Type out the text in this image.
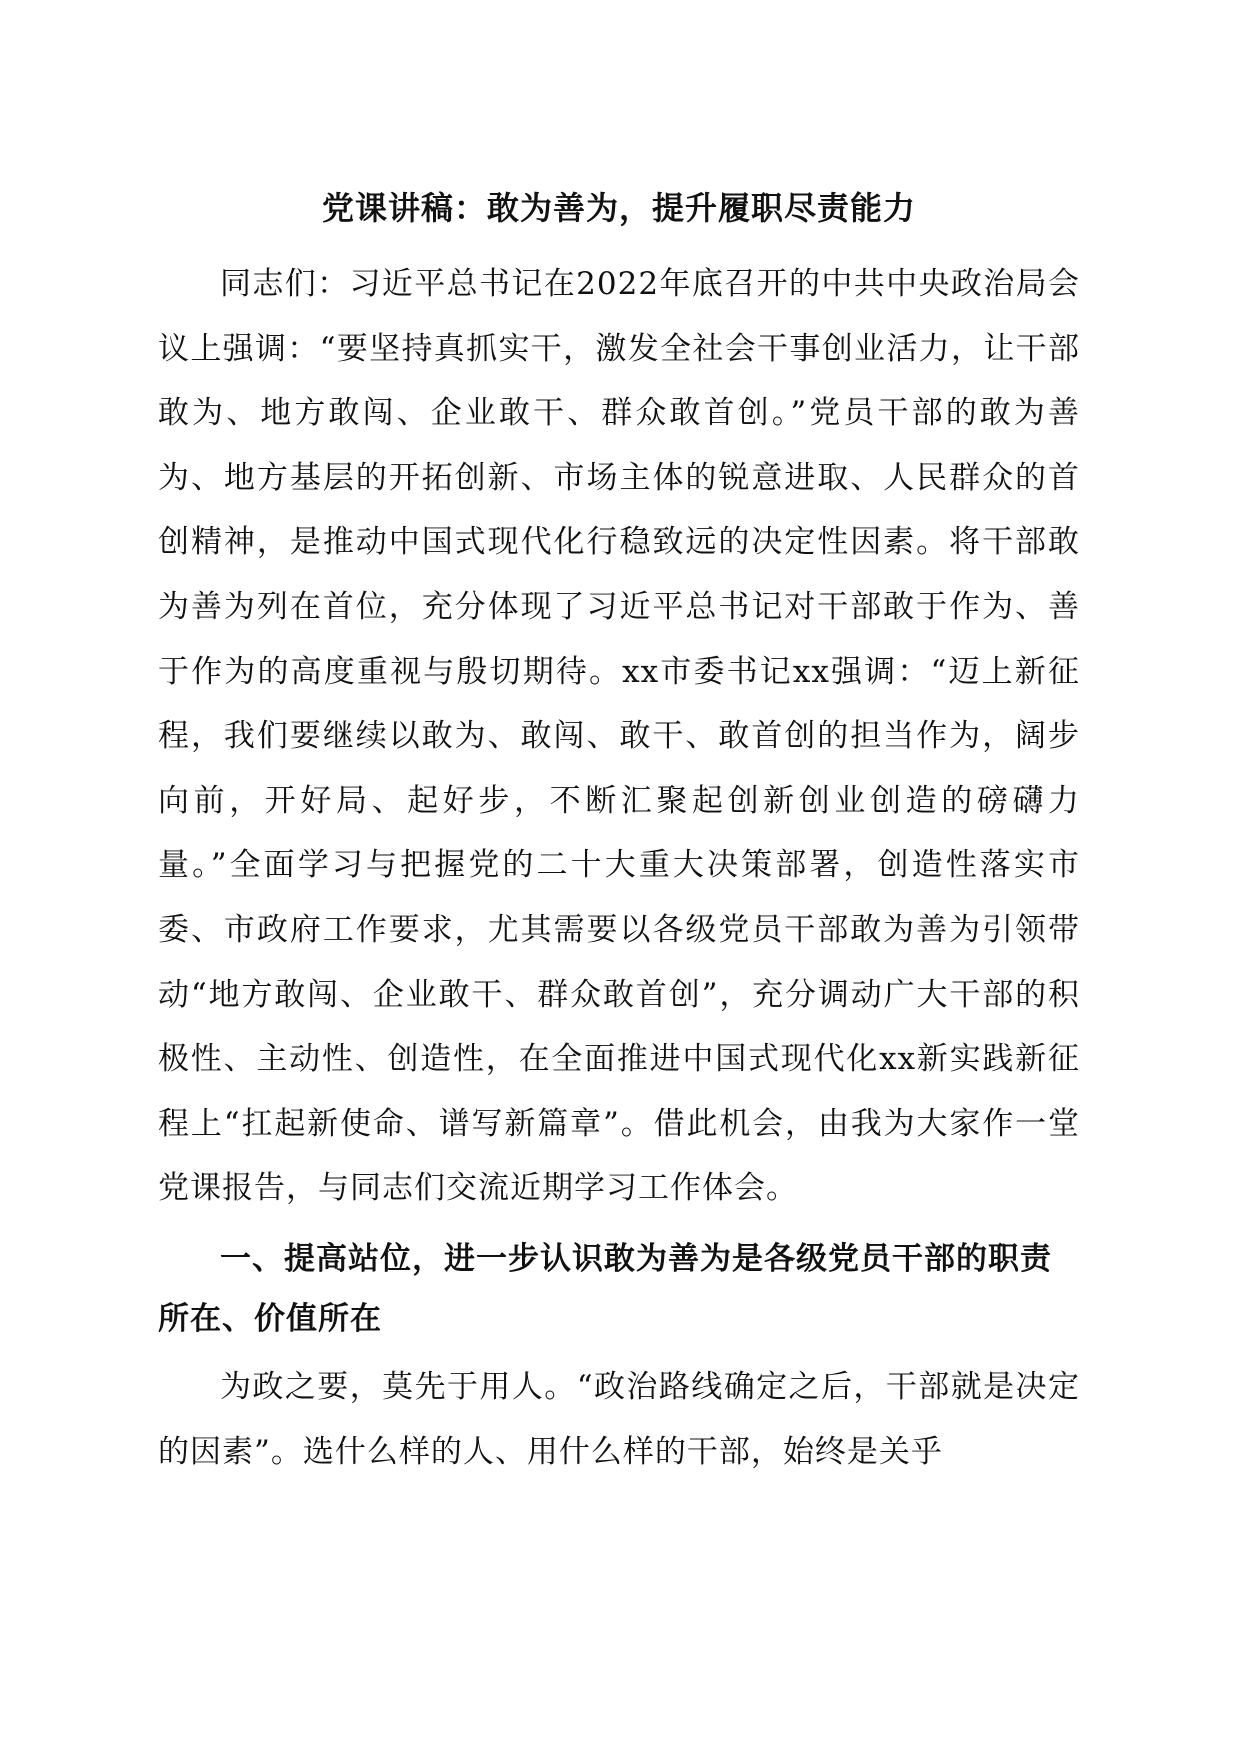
党课讲稿：敢为善为，提升履职尽责能力

同志们：习近平总书记在2022年底召开的中共中央政治局会议上强调：“要坚持真抓实干，激发全社会干事创业活力，让干部敢为、地方敢闯、企业敢干、群众敢首创。”党员干部的敢为善为、地方基层的开拓创新、市场主体的锐意进取、人民群众的首创精神，是推动中国式现代化行稳致远的决定性因素。将干部敢为善为列在首位，充分体现了习近平总书记对干部敢于作为、善于作为的高度重视与殷切期待。xx市委书记xx强调：“迈上新征程，我们要继续以敢为、敢闯、敢干、敢首创的担当作为，阔步向前，开好局、起好步，不断汇聚起创新创业创造的磅礴力量。”全面学习与把握党的二十大重大决策部署，创造性落实市委、市政府工作要求，尤其需要以各级党员干部敢为善为引领带动“地方敢闯、企业敢干、群众敢首创”，充分调动广大干部的积极性、主动性、创造性，在全面推进中国式现代化xx新实践新征程上“扛起新使命、谱写新篇章”。借此机会，由我为大家作一堂党课报告，与同志们交流近期学习工作体会。

一、提高站位，进一步认识敢为善为是各级党员干部的职责所在、价值所在

为政之要，莫先于用人。“政治路线确定之后，干部就是决定的因素”。选什么样的人、用什么样的干部，始终是关乎
